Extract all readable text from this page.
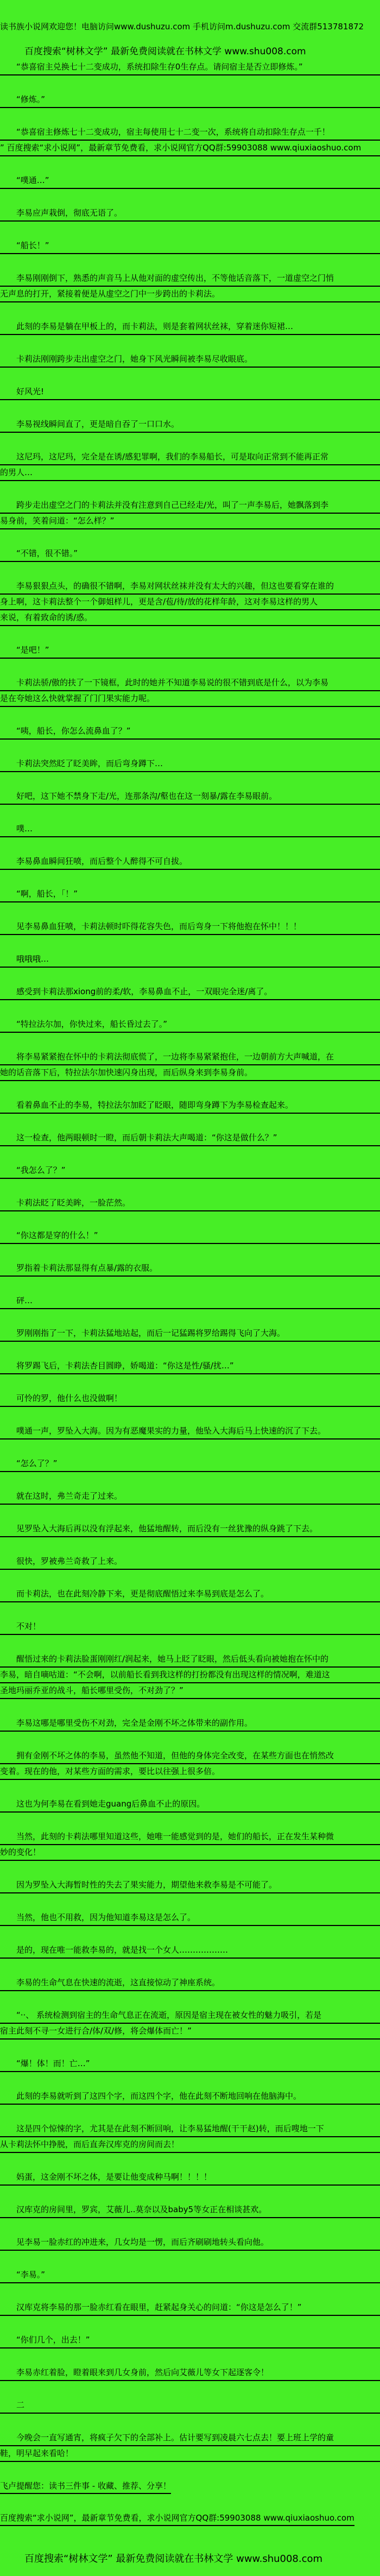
读书族小说网欢迎您！电脑访问www.dushuzu.com 手机访问m.dushuzu.com 交流群513781872
百度搜索“树林文学” 最新免费阅读就在书林文学 www.shu008.com
　　“恭喜宿主兑换七十二变成功，系统扣除生存0生存点。请问宿主是否立即修炼。”
　　“修炼。”
　　“恭喜宿主修炼七十二变成功，宿主每使用七十二变一次，系统将自动扣除生存点一千！
” 百度搜索“求小说网”，最新章节免费看，求小说网官方QQ群:59903088 www.qiuxiaoshuo.com
　　“噗通…”
　　李易应声栽倒，彻底无语了。
　　“船长！”
　　李易刚刚倒下，熟悉的声音马上从他对面的虚空传出，不等他话音落下，一道虚空之门悄
无声息的打开，紧接着便是从虚空之门中一步跨出的卡莉法。
　　此刻的李易是躺在甲板上的，而卡莉法，则是套着网状丝袜，穿着迷你短裙…
　　卡莉法刚刚跨步走出虚空之门，她身下风光瞬间被李易尽收眼底。
　　好风光!
　　李易视线瞬间直了，更是暗自吞了一口口水。
　　这尼玛，这尼玛，完全是在诱/感犯罪啊，我们的李易船长，可是取向正常到不能再正常
的男人…
　　跨步走出虚空之门的卡莉法并没有注意到自己已经走/光，叫了一声李易后，她飘落到李
易身前，笑着问道：“怎么样？”
　　“不错，很不错。”
　　李易狠狠点头，的确很不错啊，李易对网状丝袜并没有太大的兴趣，但这也要看穿在谁的
身上啊，这卡莉法整个一个御姐样儿，更是含/苞/待/放的花样年龄，这对李易这样的男人
来说，有着致命的诱/惑。
　　“是吧！”
　　卡莉法骄/傲的扶了一下镜框，此时的她并不知道李易说的很不错到底是什么，以为李易
是在夸她这么快就掌握了门门果实能力呢。
　　“咦，船长，你怎么流鼻血了？”
　　卡莉法突然眨了眨美眸，而后弯身蹲下…
　　好吧，这下她不禁身下走/光，连那条沟/壑也在这一刻暴/露在李易眼前。
　　噗…
　　李易鼻血瞬间狂喷，而后整个人醉得不可自拔。
　　“啊，船长，「！”
　　见李易鼻血狂喷，卡莉法顿时吓得花容失色，而后弯身一下将他抱在怀中！！！
　　哦哦哦…
　　感受到卡莉法那xiong前的柔/软，李易鼻血不止，一双眼完全迷/离了。
　　“特拉法尔加，你快过来，船长昏过去了。”
　　将李易紧紧抱在怀中的卡莉法彻底慌了，一边将李易紧紧抱住，一边朝前方大声喊道，在
她的话音落下后，特拉法尔加快速闪身出现，而后纵身来到李易身前。
　　看着鼻血不止的李易，特拉法尔加眨了眨眼，随即弯身蹲下为李易检查起来。
　　这一检查，他两眼顿时一瞪，而后朝卡莉法大声喝道：“你这是做什么？”
　　“我怎么了？”
　　卡莉法眨了眨美眸，一脸茫然。
　　“你这都是穿的什么！”
　　罗指着卡莉法那显得有点暴/露的衣服。
　　砰…
　　罗刚刚指了一下，卡莉法猛地站起，而后一记猛踢将罗给踢得飞向了大海。
　　将罗踢飞后，卡莉法杏目圆睁，娇喝道：“你这是性/骚/扰…”
　　可怜的罗，他什么也没做啊！
　　噗通一声，罗坠入大海。因为有恶魔果实的力量，他坠入大海后马上快速的沉了下去。
　　“怎么了？”
　　就在这时，弗兰奇走了过来。
　　见罗坠入大海后再以没有浮起来，他猛地醒转，而后没有一丝犹豫的纵身跳了下去。
　　很快，罗被弗兰奇救了上来。
　　而卡莉法，也在此刻冷静下来，更是彻底醒悟过来李易到底是怎么了。
　　不对！
　　醒悟过来的卡莉法脸蛋刚刚红/润起来，她马上眨了眨眼，然后低头看向被她抱在怀中的
李易，暗自嘀咕道：“不会啊，以前船长看到我这样的打扮都没有出现这样的情况啊，难道这
圣地玛丽乔亚的战斗，船长哪里受伤，不对劲了？”
　　李易这哪是哪里受伤不对劲，完全是金刚不坏之体带来的副作用。
　　拥有金刚不坏之体的李易，虽然他不知道，但他的身体完全改变，在某些方面也在悄然改
变着。现在的他，对某些方面的需求，要比以往强上很多倍。
　　这也为何李易在看到她走guang后鼻血不止的原因。
　　当然，此刻的卡莉法哪里知道这些，她唯一能感觉到的是，她们的船长，正在发生某种微
妙的变化！
　　因为罗坠入大海暂时性的失去了果实能力，期望他来救李易是不可能了。
　　当然，他也不用救，因为他知道李易这是怎么了。
　　是的，现在唯一能救李易的，就是找一个女人………………
　　李易的生命气息在快速的流逝，这直接惊动了神座系统。
　　“··、 系统检测到宿主的生命气息正在流逝，原因是宿主现在被女性的魅力吸引，若是
宿主此刻不寻一女进行合/体/双/修，将会爆体而亡！”
　　“爆！体！而！亡…”
　　此刻的李易就听到了这四个字，而这四个字，他在此刻不断地回响在他脑海中。
　　这是四个惊悚的字，尤其是在此刻不断回响，让李易猛地醒(干干赵)转，而后嗖地一下
从卡莉法怀中挣脱，而后直奔汉库克的房间而去！
　　妈蛋，这金刚不坏之体，是要让他变成种马啊！！！！
　　汉库克的房间里，罗宾，艾薇儿..莫奈以及baby5等女正在相谈甚欢。
　　见李易一脸赤红的冲进来，几女均是一愣，而后齐刷刷地转头看向他。
　　“李易。”
　　汉库克将李易的那一脸赤红看在眼里，赶紧起身关心的问道：“你这是怎么了！”
　　“你们几个，出去！”
　　李易赤红着脸，瞪着眼来到几女身前，然后向艾薇儿等女下起逐客令！
　　二
　　今晚会一直写通宵，将疯子欠下的全部补上。估计要写到凌晨六七点去！要上班上学的童
鞋，明早起来看哈！
飞卢提醒您：读书三件事 - 收藏、推荐、分享！
百度搜索“求小说网”，最新章节免费看，求小说网官方QQ群:59903088 www.qiuxiaoshuo.com
百度搜索“树林文学” 最新免费阅读就在书林文学 www.shu008.com
